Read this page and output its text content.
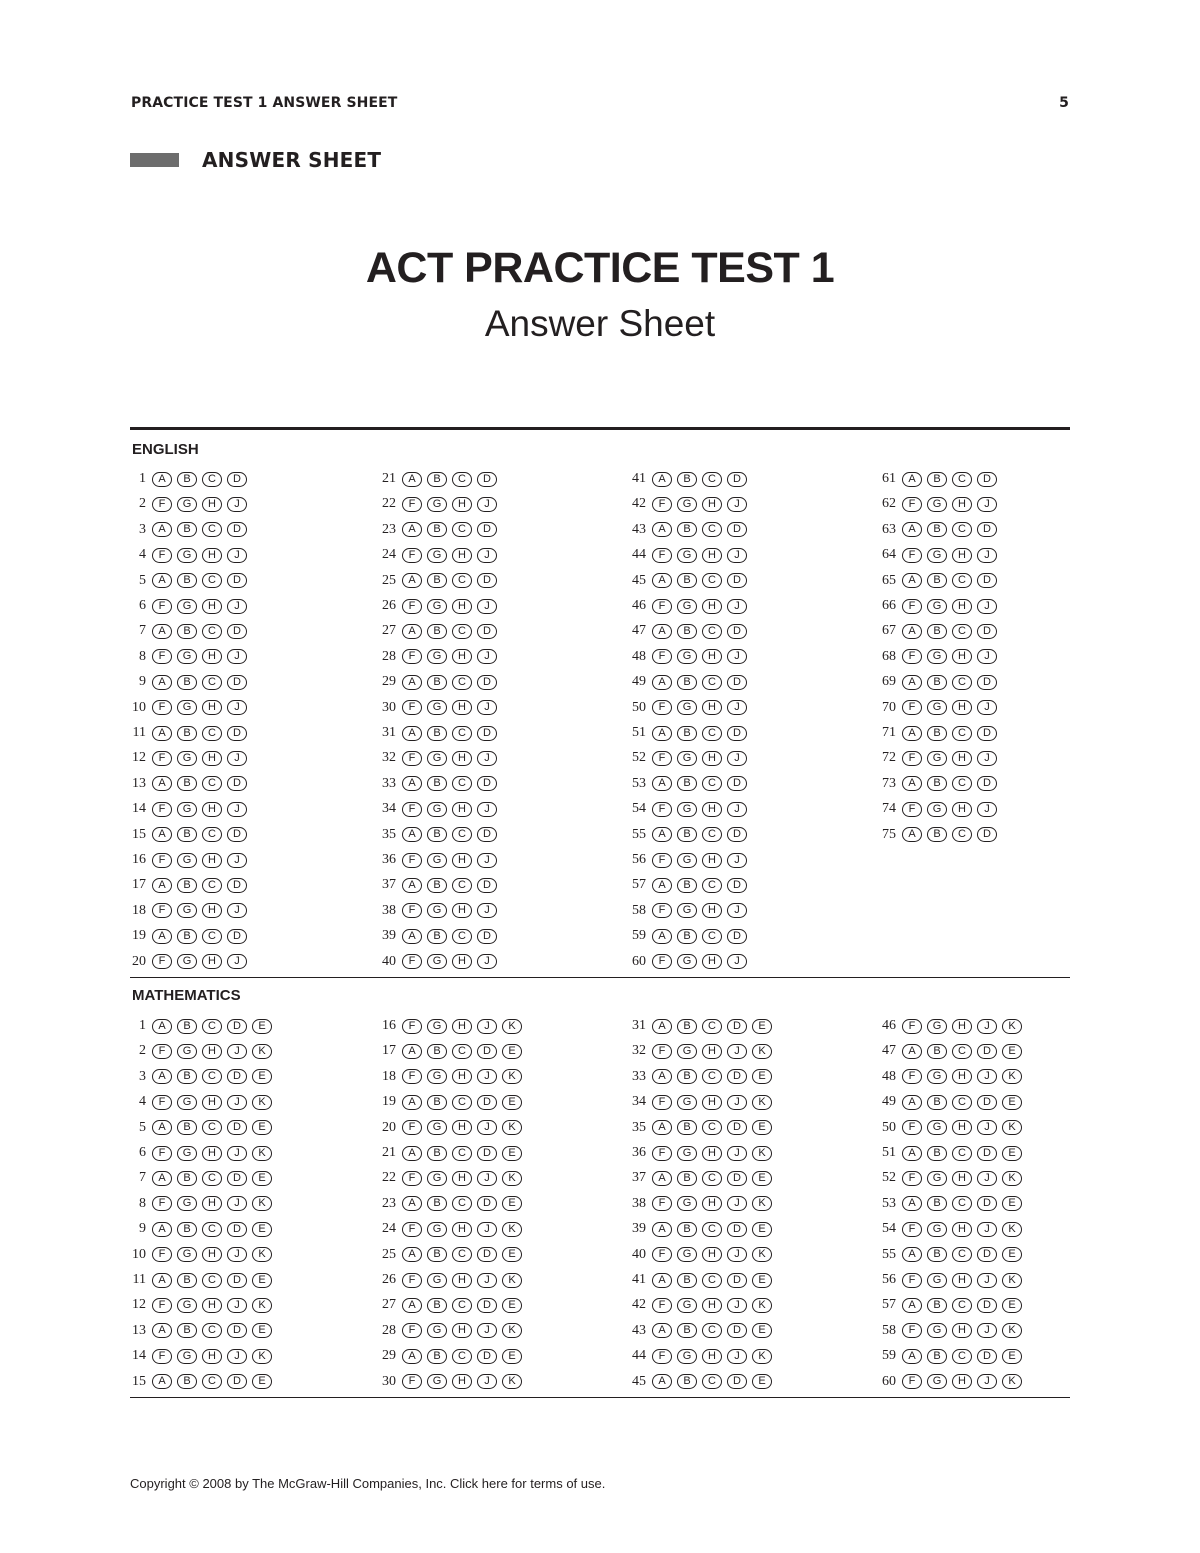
PRACTICE TEST 1 ANSWER SHEET	5
ANSWER SHEET
ACT PRACTICE TEST 1
Answer Sheet
ENGLISH
1	A	B	C	D
2	F	G	H	J
3	A	B	C	D
4	F	G	H	J
5	A	B	C	D
6	F	G	H	J
7	A	B	C	D
8	F	G	H	J
9	A	B	C	D
10	F	G	H	J
11	A	B	C	D
12	F	G	H	J
13	A	B	C	D
14	F	G	H	J
15	A	B	C	D
16	F	G	H	J
17	A	B	C	D
18	F	G	H	J
19	A	B	C	D
20	F	G	H	J
21	A	B	C	D
22	F	G	H	J
23	A	B	C	D
24	F	G	H	J
25	A	B	C	D
26	F	G	H	J
27	A	B	C	D
28	F	G	H	J
29	A	B	C	D
30	F	G	H	J
31	A	B	C	D
32	F	G	H	J
33	A	B	C	D
34	F	G	H	J
35	A	B	C	D
36	F	G	H	J
37	A	B	C	D
38	F	G	H	J
39	A	B	C	D
40	F	G	H	J
41	A	B	C	D
42	F	G	H	J
43	A	B	C	D
44	F	G	H	J
45	A	B	C	D
46	F	G	H	J
47	A	B	C	D
48	F	G	H	J
49	A	B	C	D
50	F	G	H	J
51	A	B	C	D
52	F	G	H	J
53	A	B	C	D
54	F	G	H	J
55	A	B	C	D
56	F	G	H	J
57	A	B	C	D
58	F	G	H	J
59	A	B	C	D
60	F	G	H	J
61	A	B	C	D
62	F	G	H	J
63	A	B	C	D
64	F	G	H	J
65	A	B	C	D
66	F	G	H	J
67	A	B	C	D
68	F	G	H	J
69	A	B	C	D
70	F	G	H	J
71	A	B	C	D
72	F	G	H	J
73	A	B	C	D
74	F	G	H	J
75	A	B	C	D
MATHEMATICS
1	A	B	C	D	E
2	F	G	H	J	K
3	A	B	C	D	E
4	F	G	H	J	K
5	A	B	C	D	E
6	F	G	H	J	K
7	A	B	C	D	E
8	F	G	H	J	K
9	A	B	C	D	E
10	F	G	H	J	K
11	A	B	C	D	E
12	F	G	H	J	K
13	A	B	C	D	E
14	F	G	H	J	K
15	A	B	C	D	E
16	F	G	H	J	K
17	A	B	C	D	E
18	F	G	H	J	K
19	A	B	C	D	E
20	F	G	H	J	K
21	A	B	C	D	E
22	F	G	H	J	K
23	A	B	C	D	E
24	F	G	H	J	K
25	A	B	C	D	E
26	F	G	H	J	K
27	A	B	C	D	E
28	F	G	H	J	K
29	A	B	C	D	E
30	F	G	H	J	K
31	A	B	C	D	E
32	F	G	H	J	K
33	A	B	C	D	E
34	F	G	H	J	K
35	A	B	C	D	E
36	F	G	H	J	K
37	A	B	C	D	E
38	F	G	H	J	K
39	A	B	C	D	E
40	F	G	H	J	K
41	A	B	C	D	E
42	F	G	H	J	K
43	A	B	C	D	E
44	F	G	H	J	K
45	A	B	C	D	E
46	F	G	H	J	K
47	A	B	C	D	E
48	F	G	H	J	K
49	A	B	C	D	E
50	F	G	H	J	K
51	A	B	C	D	E
52	F	G	H	J	K
53	A	B	C	D	E
54	F	G	H	J	K
55	A	B	C	D	E
56	F	G	H	J	K
57	A	B	C	D	E
58	F	G	H	J	K
59	A	B	C	D	E
60	F	G	H	J	K
Copyright © 2008 by The McGraw-Hill Companies, Inc. Click here for terms of use.
